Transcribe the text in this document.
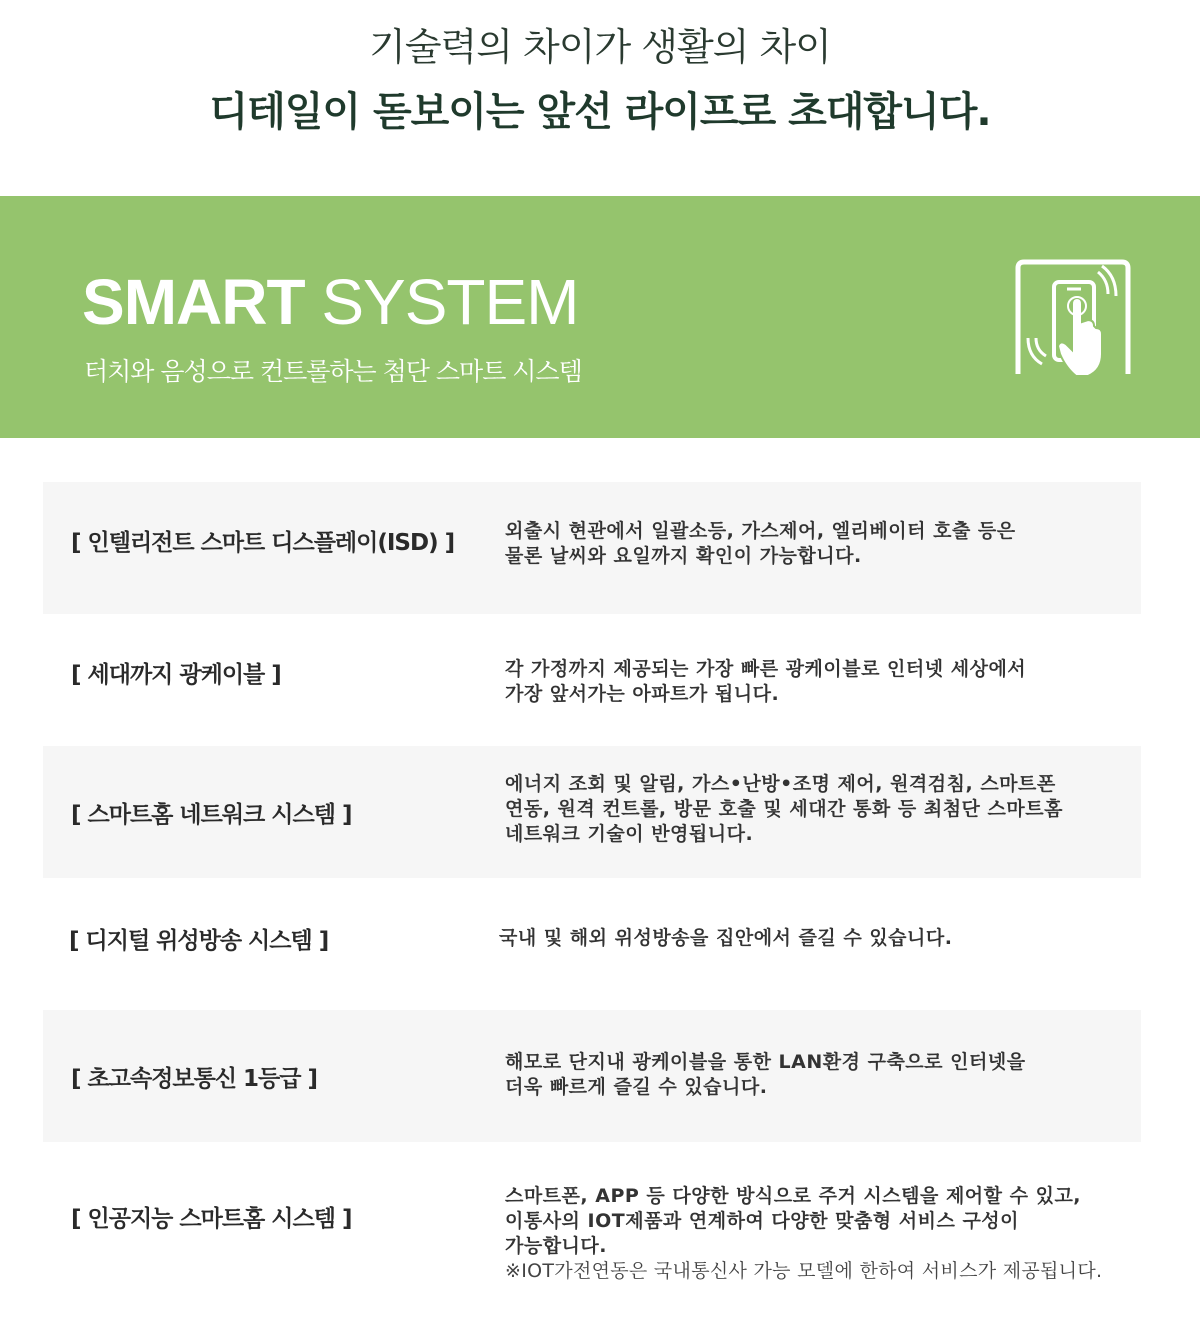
기술력의 차이가 생활의 차이
디테일이 돋보이는 앞선 라이프로 초대합니다.
SMART SYSTEM
터치와 음성으로 컨트롤하는 첨단 스마트 시스템
[ 인텔리전트 스마트 디스플레이(ISD) ]	외출시 현관에서 일괄소등, 가스제어, 엘리베이터 호출 등은
물론 날씨와 요일까지 확인이 가능합니다.
[ 세대까지 광케이블 ]	각 가정까지 제공되는 가장 빠른 광케이블로 인터넷 세상에서
가장 앞서가는 아파트가 됩니다.
[ 스마트홈 네트워크 시스템 ]
에너지 조회 및 알림, 가스•난방•조명 제어, 원격검침, 스마트폰
연동, 원격 컨트롤, 방문 호출 및 세대간 통화 등 최첨단 스마트홈
네트워크 기술이 반영됩니다.
[ 디지털 위성방송 시스템 ]	국내 및 해외 위성방송을 집안에서 즐길 수 있습니다.
[ 초고속정보통신 1등급 ]
해모로 단지내 광케이블을 통한 LAN환경 구축으로 인터넷을
더욱 빠르게 즐길 수 있습니다.
[ 인공지능 스마트홈 시스템 ]
스마트폰, APP 등 다양한 방식으로 주거 시스템을 제어할 수 있고,
이통사의 IOT제품과 연계하여 다양한 맞춤형 서비스 구성이
가능합니다.
※IOT가전연동은 국내통신사 가능 모델에 한하여 서비스가 제공됩니다.
